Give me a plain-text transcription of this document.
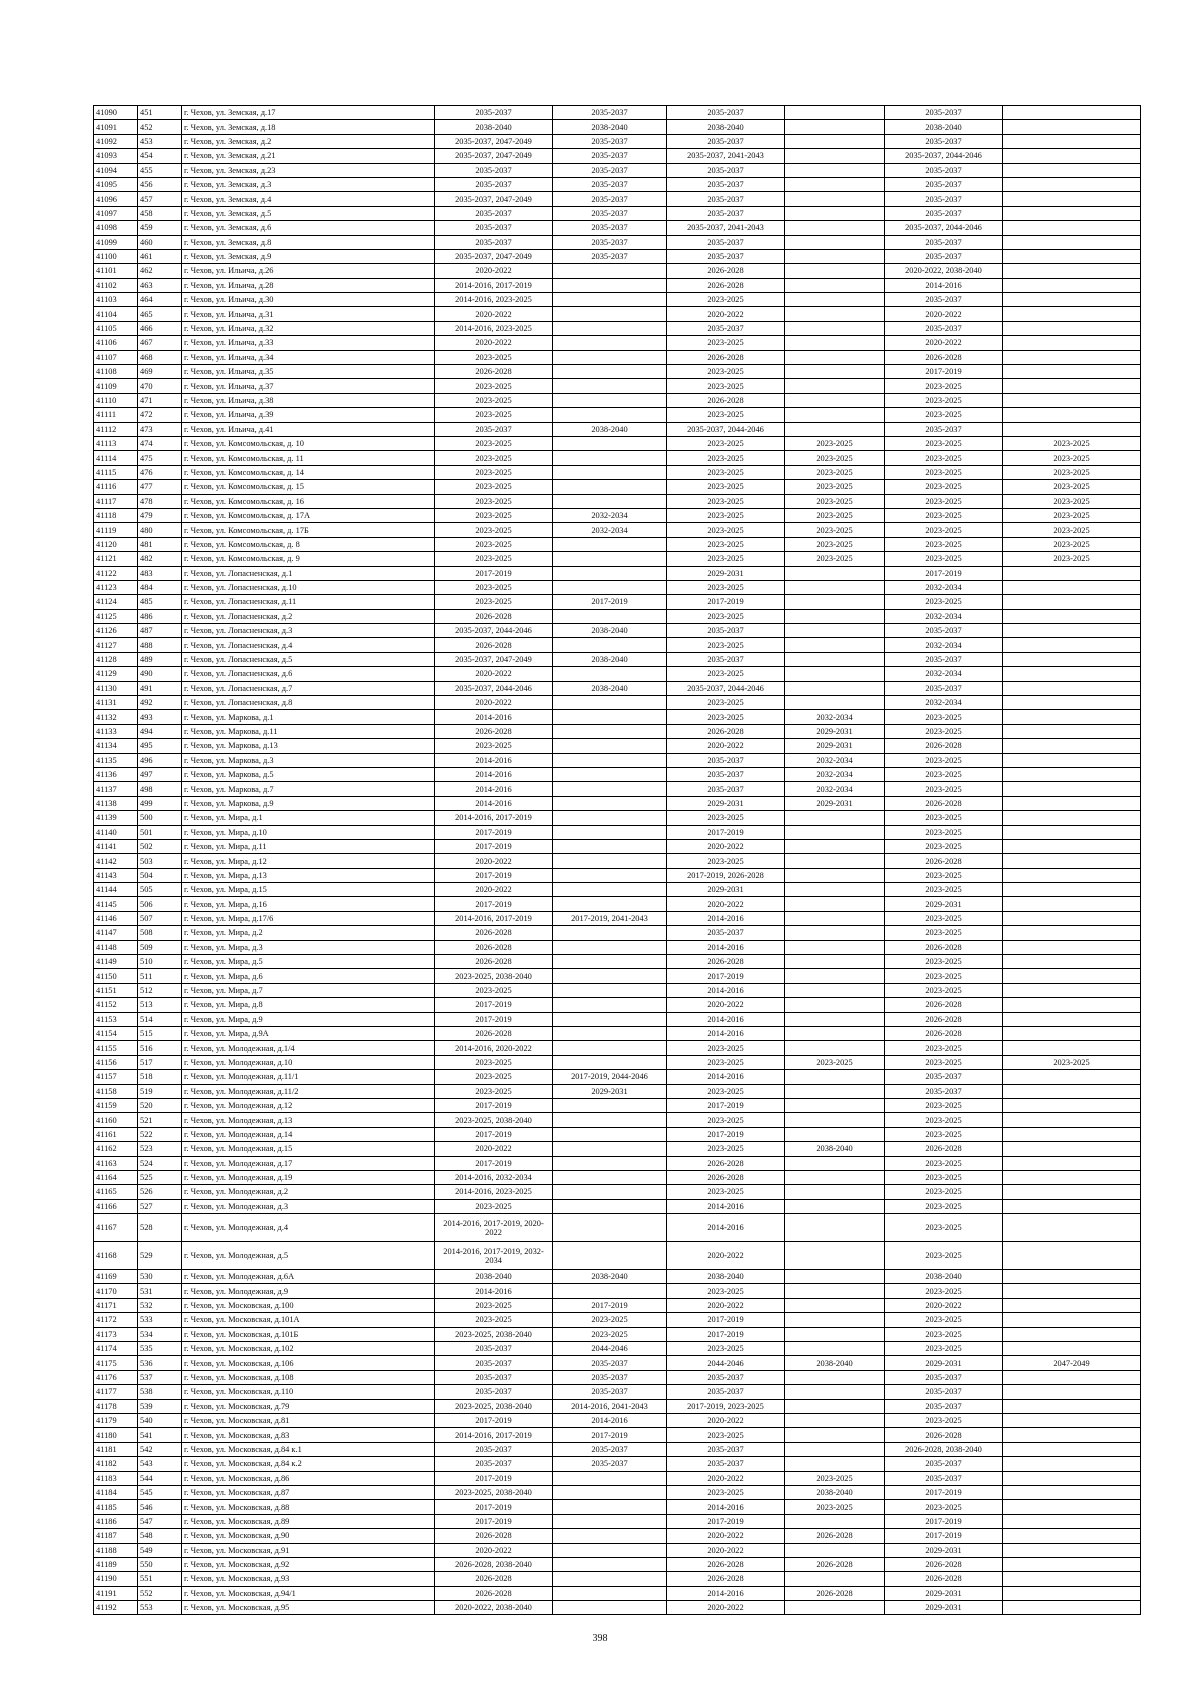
41090	451	г. Чехов, ул. Земская, д.17	2035-2037	2035-2037	2035-2037		2035-2037	
41091	452	г. Чехов, ул. Земская, д.18	2038-2040	2038-2040	2038-2040		2038-2040	
41092	453	г. Чехов, ул. Земская, д.2	2035-2037, 2047-2049	2035-2037	2035-2037		2035-2037	
41093	454	г. Чехов, ул. Земская, д.21	2035-2037, 2047-2049	2035-2037	2035-2037, 2041-2043		2035-2037, 2044-2046	
41094	455	г. Чехов, ул. Земская, д.23	2035-2037	2035-2037	2035-2037		2035-2037	
41095	456	г. Чехов, ул. Земская, д.3	2035-2037	2035-2037	2035-2037		2035-2037	
41096	457	г. Чехов, ул. Земская, д.4	2035-2037, 2047-2049	2035-2037	2035-2037		2035-2037	
41097	458	г. Чехов, ул. Земская, д.5	2035-2037	2035-2037	2035-2037		2035-2037	
41098	459	г. Чехов, ул. Земская, д.6	2035-2037	2035-2037	2035-2037, 2041-2043		2035-2037, 2044-2046	
41099	460	г. Чехов, ул. Земская, д.8	2035-2037	2035-2037	2035-2037		2035-2037	
41100	461	г. Чехов, ул. Земская, д.9	2035-2037, 2047-2049	2035-2037	2035-2037		2035-2037	
41101	462	г. Чехов, ул. Ильича, д.26	2020-2022		2026-2028		2020-2022, 2038-2040	
41102	463	г. Чехов, ул. Ильича, д.28	2014-2016, 2017-2019		2026-2028		2014-2016	
41103	464	г. Чехов, ул. Ильича, д.30	2014-2016, 2023-2025		2023-2025		2035-2037	
41104	465	г. Чехов, ул. Ильича, д.31	2020-2022		2020-2022		2020-2022	
41105	466	г. Чехов, ул. Ильича, д.32	2014-2016, 2023-2025		2035-2037		2035-2037	
41106	467	г. Чехов, ул. Ильича, д.33	2020-2022		2023-2025		2020-2022	
41107	468	г. Чехов, ул. Ильича, д.34	2023-2025		2026-2028		2026-2028	
41108	469	г. Чехов, ул. Ильича, д.35	2026-2028		2023-2025		2017-2019	
41109	470	г. Чехов, ул. Ильича, д.37	2023-2025		2023-2025		2023-2025	
41110	471	г. Чехов, ул. Ильича, д.38	2023-2025		2026-2028		2023-2025	
41111	472	г. Чехов, ул. Ильича, д.39	2023-2025		2023-2025		2023-2025	
41112	473	г. Чехов, ул. Ильича, д.41	2035-2037	2038-2040	2035-2037, 2044-2046		2035-2037	
41113	474	г. Чехов, ул. Комсомольская, д. 10	2023-2025		2023-2025	2023-2025	2023-2025	2023-2025
41114	475	г. Чехов, ул. Комсомольская, д. 11	2023-2025		2023-2025	2023-2025	2023-2025	2023-2025
41115	476	г. Чехов, ул. Комсомольская, д. 14	2023-2025		2023-2025	2023-2025	2023-2025	2023-2025
41116	477	г. Чехов, ул. Комсомольская, д. 15	2023-2025		2023-2025	2023-2025	2023-2025	2023-2025
41117	478	г. Чехов, ул. Комсомольская, д. 16	2023-2025		2023-2025	2023-2025	2023-2025	2023-2025
41118	479	г. Чехов, ул. Комсомольская, д. 17А	2023-2025	2032-2034	2023-2025	2023-2025	2023-2025	2023-2025
41119	480	г. Чехов, ул. Комсомольская, д. 17Б	2023-2025	2032-2034	2023-2025	2023-2025	2023-2025	2023-2025
41120	481	г. Чехов, ул. Комсомольская, д. 8	2023-2025		2023-2025	2023-2025	2023-2025	2023-2025
41121	482	г. Чехов, ул. Комсомольская, д. 9	2023-2025		2023-2025	2023-2025	2023-2025	2023-2025
41122	483	г. Чехов, ул. Лопасненская, д.1	2017-2019		2029-2031		2017-2019	
41123	484	г. Чехов, ул. Лопасненская, д.10	2023-2025		2023-2025		2032-2034	
41124	485	г. Чехов, ул. Лопасненская, д.11	2023-2025	2017-2019	2017-2019		2023-2025	
41125	486	г. Чехов, ул. Лопасненская, д.2	2026-2028		2023-2025		2032-2034	
41126	487	г. Чехов, ул. Лопасненская, д.3	2035-2037, 2044-2046	2038-2040	2035-2037		2035-2037	
41127	488	г. Чехов, ул. Лопасненская, д.4	2026-2028		2023-2025		2032-2034	
41128	489	г. Чехов, ул. Лопасненская, д.5	2035-2037, 2047-2049	2038-2040	2035-2037		2035-2037	
41129	490	г. Чехов, ул. Лопасненская, д.6	2020-2022		2023-2025		2032-2034	
41130	491	г. Чехов, ул. Лопасненская, д.7	2035-2037, 2044-2046	2038-2040	2035-2037, 2044-2046		2035-2037	
41131	492	г. Чехов, ул. Лопасненская, д.8	2020-2022		2023-2025		2032-2034	
41132	493	г. Чехов, ул. Маркова, д.1	2014-2016		2023-2025	2032-2034	2023-2025	
41133	494	г. Чехов, ул. Маркова, д.11	2026-2028		2026-2028	2029-2031	2023-2025	
41134	495	г. Чехов, ул. Маркова, д.13	2023-2025		2020-2022	2029-2031	2026-2028	
41135	496	г. Чехов, ул. Маркова, д.3	2014-2016		2035-2037	2032-2034	2023-2025	
41136	497	г. Чехов, ул. Маркова, д.5	2014-2016		2035-2037	2032-2034	2023-2025	
41137	498	г. Чехов, ул. Маркова, д.7	2014-2016		2035-2037	2032-2034	2023-2025	
41138	499	г. Чехов, ул. Маркова, д.9	2014-2016		2029-2031	2029-2031	2026-2028	
41139	500	г. Чехов, ул. Мира, д.1	2014-2016, 2017-2019		2023-2025		2023-2025	
41140	501	г. Чехов, ул. Мира, д.10	2017-2019		2017-2019		2023-2025	
41141	502	г. Чехов, ул. Мира, д.11	2017-2019		2020-2022		2023-2025	
41142	503	г. Чехов, ул. Мира, д.12	2020-2022		2023-2025		2026-2028	
41143	504	г. Чехов, ул. Мира, д.13	2017-2019		2017-2019, 2026-2028		2023-2025	
41144	505	г. Чехов, ул. Мира, д.15	2020-2022		2029-2031		2023-2025	
41145	506	г. Чехов, ул. Мира, д.16	2017-2019		2020-2022		2029-2031	
41146	507	г. Чехов, ул. Мира, д.17/6	2014-2016, 2017-2019	2017-2019, 2041-2043	2014-2016		2023-2025	
41147	508	г. Чехов, ул. Мира, д.2	2026-2028		2035-2037		2023-2025	
41148	509	г. Чехов, ул. Мира, д.3	2026-2028		2014-2016		2026-2028	
41149	510	г. Чехов, ул. Мира, д.5	2026-2028		2026-2028		2023-2025	
41150	511	г. Чехов, ул. Мира, д.6	2023-2025, 2038-2040		2017-2019		2023-2025	
41151	512	г. Чехов, ул. Мира, д.7	2023-2025		2014-2016		2023-2025	
41152	513	г. Чехов, ул. Мира, д.8	2017-2019		2020-2022		2026-2028	
41153	514	г. Чехов, ул. Мира, д.9	2017-2019		2014-2016		2026-2028	
41154	515	г. Чехов, ул. Мира, д.9А	2026-2028		2014-2016		2026-2028	
41155	516	г. Чехов, ул. Молодежная, д.1/4	2014-2016, 2020-2022		2023-2025		2023-2025	
41156	517	г. Чехов, ул. Молодежная, д.10	2023-2025		2023-2025	2023-2025	2023-2025	2023-2025
41157	518	г. Чехов, ул. Молодежная, д.11/1	2023-2025	2017-2019, 2044-2046	2014-2016		2035-2037	
41158	519	г. Чехов, ул. Молодежная, д.11/2	2023-2025	2029-2031	2023-2025		2035-2037	
41159	520	г. Чехов, ул. Молодежная, д.12	2017-2019		2017-2019		2023-2025	
41160	521	г. Чехов, ул. Молодежная, д.13	2023-2025, 2038-2040		2023-2025		2023-2025	
41161	522	г. Чехов, ул. Молодежная, д.14	2017-2019		2017-2019		2023-2025	
41162	523	г. Чехов, ул. Молодежная, д.15	2020-2022		2023-2025	2038-2040	2026-2028	
41163	524	г. Чехов, ул. Молодежная, д.17	2017-2019		2026-2028		2023-2025	
41164	525	г. Чехов, ул. Молодежная, д.19	2014-2016, 2032-2034		2026-2028		2023-2025	
41165	526	г. Чехов, ул. Молодежная, д.2	2014-2016, 2023-2025		2023-2025		2023-2025	
41166	527	г. Чехов, ул. Молодежная, д.3	2023-2025		2014-2016		2023-2025	
41167	528	г. Чехов, ул. Молодежная, д.4	2014-2016, 2017-2019, 2020-2022		2014-2016		2023-2025	
41168	529	г. Чехов, ул. Молодежная, д.5	2014-2016, 2017-2019, 2032-2034		2020-2022		2023-2025	
41169	530	г. Чехов, ул. Молодежная, д.6А	2038-2040	2038-2040	2038-2040		2038-2040	
41170	531	г. Чехов, ул. Молодежная, д.9	2014-2016		2023-2025		2023-2025	
41171	532	г. Чехов, ул. Московская, д.100	2023-2025	2017-2019	2020-2022		2020-2022	
41172	533	г. Чехов, ул. Московская, д.101А	2023-2025	2023-2025	2017-2019		2023-2025	
41173	534	г. Чехов, ул. Московская, д.101Б	2023-2025, 2038-2040	2023-2025	2017-2019		2023-2025	
41174	535	г. Чехов, ул. Московская, д.102	2035-2037	2044-2046	2023-2025		2023-2025	
41175	536	г. Чехов, ул. Московская, д.106	2035-2037	2035-2037	2044-2046	2038-2040	2029-2031	2047-2049
41176	537	г. Чехов, ул. Московская, д.108	2035-2037	2035-2037	2035-2037		2035-2037	
41177	538	г. Чехов, ул. Московская, д.110	2035-2037	2035-2037	2035-2037		2035-2037	
41178	539	г. Чехов, ул. Московская, д.79	2023-2025, 2038-2040	2014-2016, 2041-2043	2017-2019, 2023-2025		2035-2037	
41179	540	г. Чехов, ул. Московская, д.81	2017-2019	2014-2016	2020-2022		2023-2025	
41180	541	г. Чехов, ул. Московская, д.83	2014-2016, 2017-2019	2017-2019	2023-2025		2026-2028	
41181	542	г. Чехов, ул. Московская, д.84 к.1	2035-2037	2035-2037	2035-2037		2026-2028, 2038-2040	
41182	543	г. Чехов, ул. Московская, д.84 к.2	2035-2037	2035-2037	2035-2037		2035-2037	
41183	544	г. Чехов, ул. Московская, д.86	2017-2019		2020-2022	2023-2025	2035-2037	
41184	545	г. Чехов, ул. Московская, д.87	2023-2025, 2038-2040		2023-2025	2038-2040	2017-2019	
41185	546	г. Чехов, ул. Московская, д.88	2017-2019		2014-2016	2023-2025	2023-2025	
41186	547	г. Чехов, ул. Московская, д.89	2017-2019		2017-2019		2017-2019	
41187	548	г. Чехов, ул. Московская, д.90	2026-2028		2020-2022	2026-2028	2017-2019	
41188	549	г. Чехов, ул. Московская, д.91	2020-2022		2020-2022		2029-2031	
41189	550	г. Чехов, ул. Московская, д.92	2026-2028, 2038-2040		2026-2028	2026-2028	2026-2028	
41190	551	г. Чехов, ул. Московская, д.93	2026-2028		2026-2028		2026-2028	
41191	552	г. Чехов, ул. Московская, д.94/1	2026-2028		2014-2016	2026-2028	2029-2031	
41192	553	г. Чехов, ул. Московская, д.95	2020-2022, 2038-2040		2020-2022		2029-2031	
398
